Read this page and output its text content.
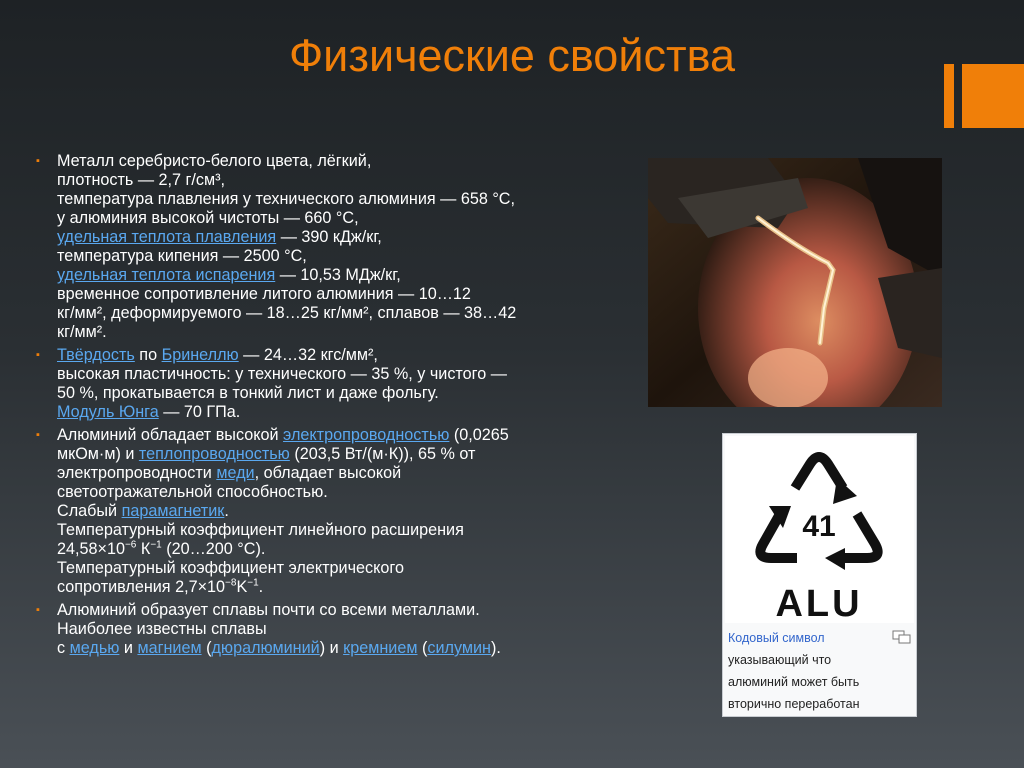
Физические свойства
▪ Металл серебристо-белого цвета, лёгкий,
плотность — 2,7 г/см³,
температура плавления у технического алюминия — 658 °C,
у алюминия высокой чистоты — 660 °C,
удельная теплота плавления — 390 кДж/кг,
температура кипения — 2500 °C,
удельная теплота испарения — 10,53 МДж/кг,
временное сопротивление литого алюминия — 10…12
кг/мм², деформируемого — 18…25 кг/мм², сплавов — 38…42
кг/мм².
▪ Твёрдость по Бринеллю — 24…32 кгс/мм²,
высокая пластичность: у технического — 35 %, у чистого —
50 %, прокатывается в тонкий лист и даже фольгу.
Модуль Юнга — 70 ГПа.
▪ Алюминий обладает высокой электропроводностью (0,0265
мкОм·м) и теплопроводностью (203,5 Вт/(м·К)), 65 % от
электропроводности меди, обладает высокой
светоотражательной способностью.
Слабый парамагнетик.
Температурный коэффициент линейного расширения
$24,58\times 10^{-6}$ $К^{-1}$ (20…200 °C).
Температурный коэффициент электрического
сопротивления $2,7\times 10^{-8}K^{-1}$.
▪ Алюминий образует сплавы почти со всеми металлами.
Наиболее известны сплавы
с медью и магнием (дюралюминий) и кремнием (силумин).
41
ALU
Кодовый символ
указывающий что
алюминий может быть
вторично переработан
